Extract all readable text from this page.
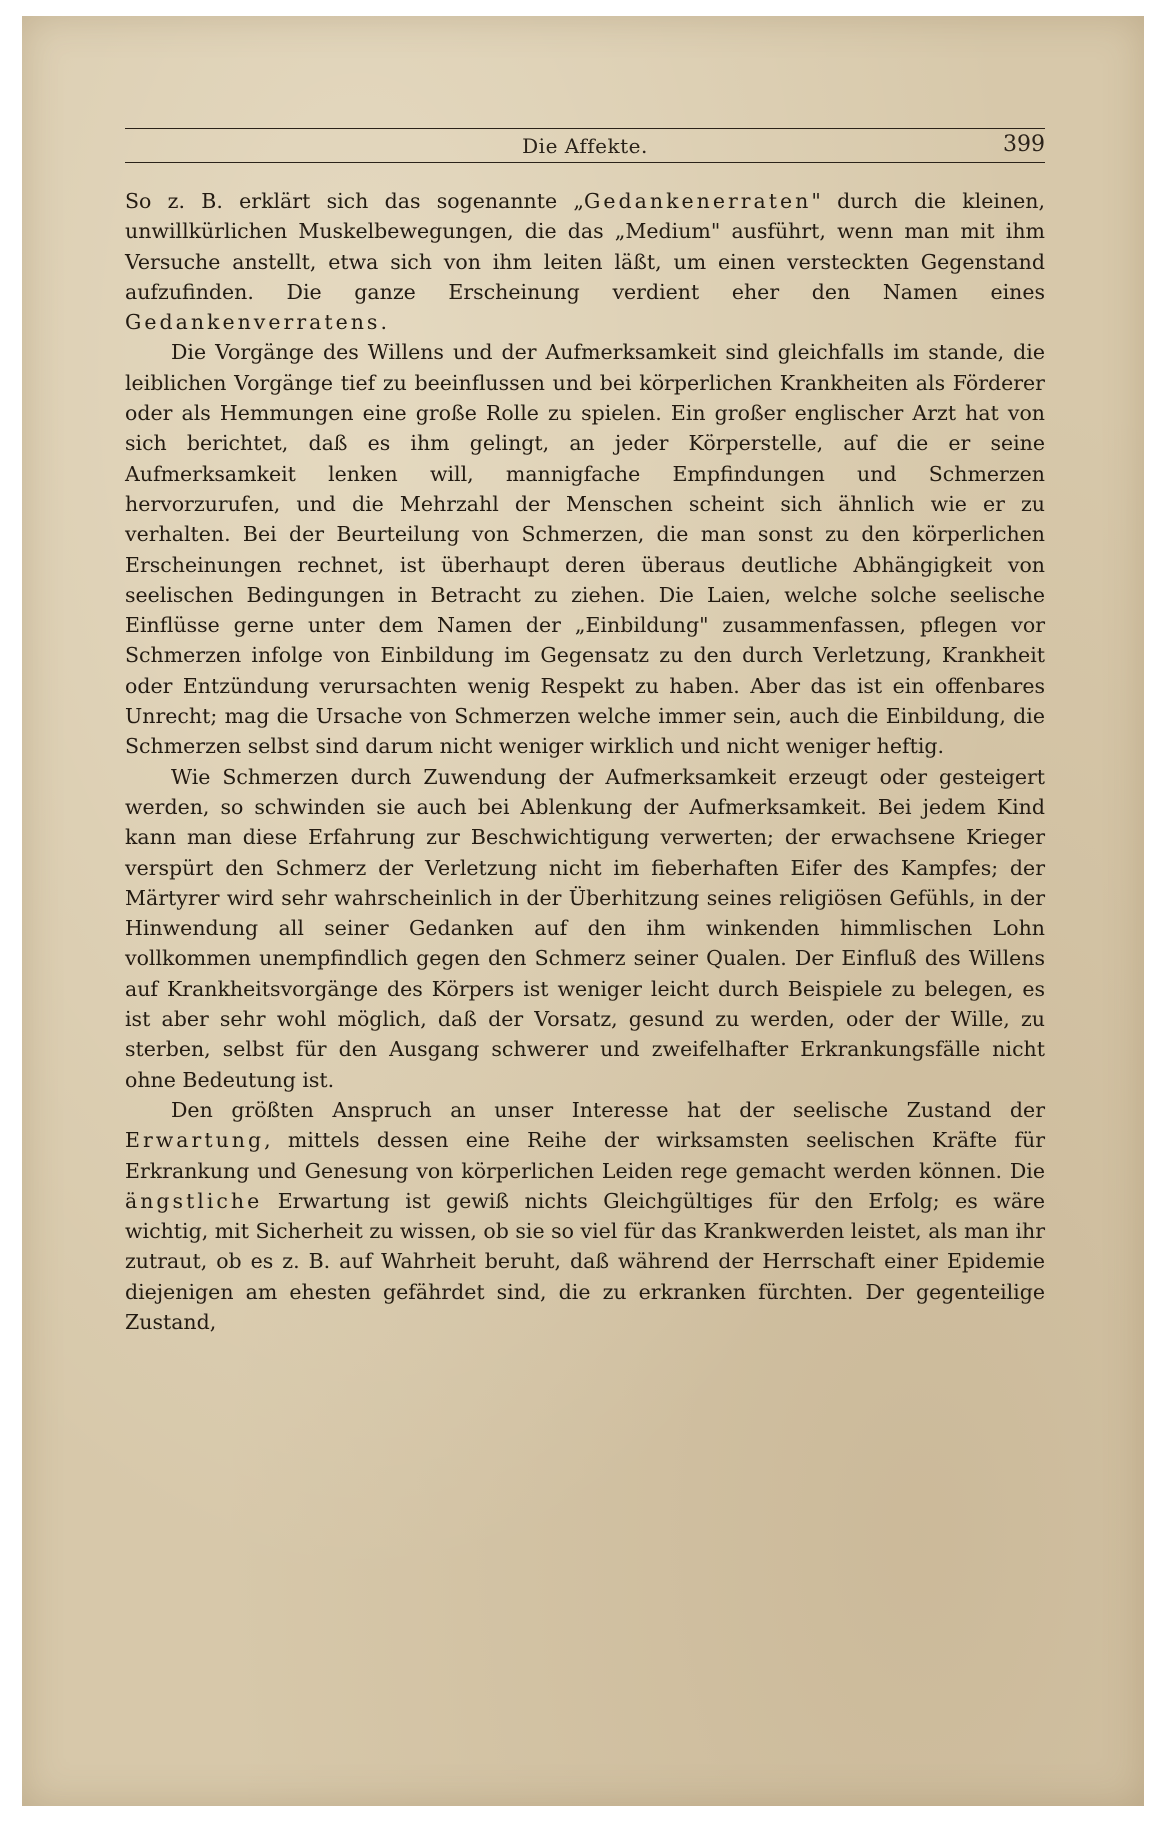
Die Affekte.	399

So z. B. erklärt sich das sogenannte „Gedankenerraten" durch die kleinen, unwillkürlichen Muskelbewegungen, die das „Medium" ausführt, wenn man mit ihm Versuche anstellt, etwa sich von ihm leiten läßt, um einen versteckten Gegenstand aufzufinden. Die ganze Erscheinung verdient eher den Namen eines Gedankenverratens.

Die Vorgänge des Willens und der Aufmerksamkeit sind gleichfalls im stande, die leiblichen Vorgänge tief zu beeinflussen und bei körperlichen Krankheiten als Förderer oder als Hemmungen eine große Rolle zu spielen. Ein großer englischer Arzt hat von sich berichtet, daß es ihm gelingt, an jeder Körperstelle, auf die er seine Aufmerksamkeit lenken will, mannigfache Empfindungen und Schmerzen hervorzurufen, und die Mehrzahl der Menschen scheint sich ähnlich wie er zu verhalten. Bei der Beurteilung von Schmerzen, die man sonst zu den körperlichen Erscheinungen rechnet, ist überhaupt deren überaus deutliche Abhängigkeit von seelischen Bedingungen in Betracht zu ziehen. Die Laien, welche solche seelische Einflüsse gerne unter dem Namen der „Einbildung" zusammenfassen, pflegen vor Schmerzen infolge von Einbildung im Gegensatz zu den durch Verletzung, Krankheit oder Entzündung verursachten wenig Respekt zu haben. Aber das ist ein offenbares Unrecht; mag die Ursache von Schmerzen welche immer sein, auch die Einbildung, die Schmerzen selbst sind darum nicht weniger wirklich und nicht weniger heftig.

Wie Schmerzen durch Zuwendung der Aufmerksamkeit erzeugt oder gesteigert werden, so schwinden sie auch bei Ablenkung der Aufmerksamkeit. Bei jedem Kind kann man diese Erfahrung zur Beschwichtigung verwerten; der erwachsene Krieger verspürt den Schmerz der Verletzung nicht im fieberhaften Eifer des Kampfes; der Märtyrer wird sehr wahrscheinlich in der Überhitzung seines religiösen Gefühls, in der Hinwendung all seiner Gedanken auf den ihm winkenden himmlischen Lohn vollkommen unempfindlich gegen den Schmerz seiner Qualen. Der Einfluß des Willens auf Krankheitsvorgänge des Körpers ist weniger leicht durch Beispiele zu belegen, es ist aber sehr wohl möglich, daß der Vorsatz, gesund zu werden, oder der Wille, zu sterben, selbst für den Ausgang schwerer und zweifelhafter Erkrankungsfälle nicht ohne Bedeutung ist.

Den größten Anspruch an unser Interesse hat der seelische Zustand der Erwartung, mittels dessen eine Reihe der wirksamsten seelischen Kräfte für Erkrankung und Genesung von körperlichen Leiden rege gemacht werden können. Die ängstliche Erwartung ist gewiß nichts Gleichgültiges für den Erfolg; es wäre wichtig, mit Sicherheit zu wissen, ob sie so viel für das Krankwerden leistet, als man ihr zutraut, ob es z. B. auf Wahrheit beruht, daß während der Herrschaft einer Epidemie diejenigen am ehesten gefährdet sind, die zu erkranken fürchten. Der gegenteilige Zustand,
